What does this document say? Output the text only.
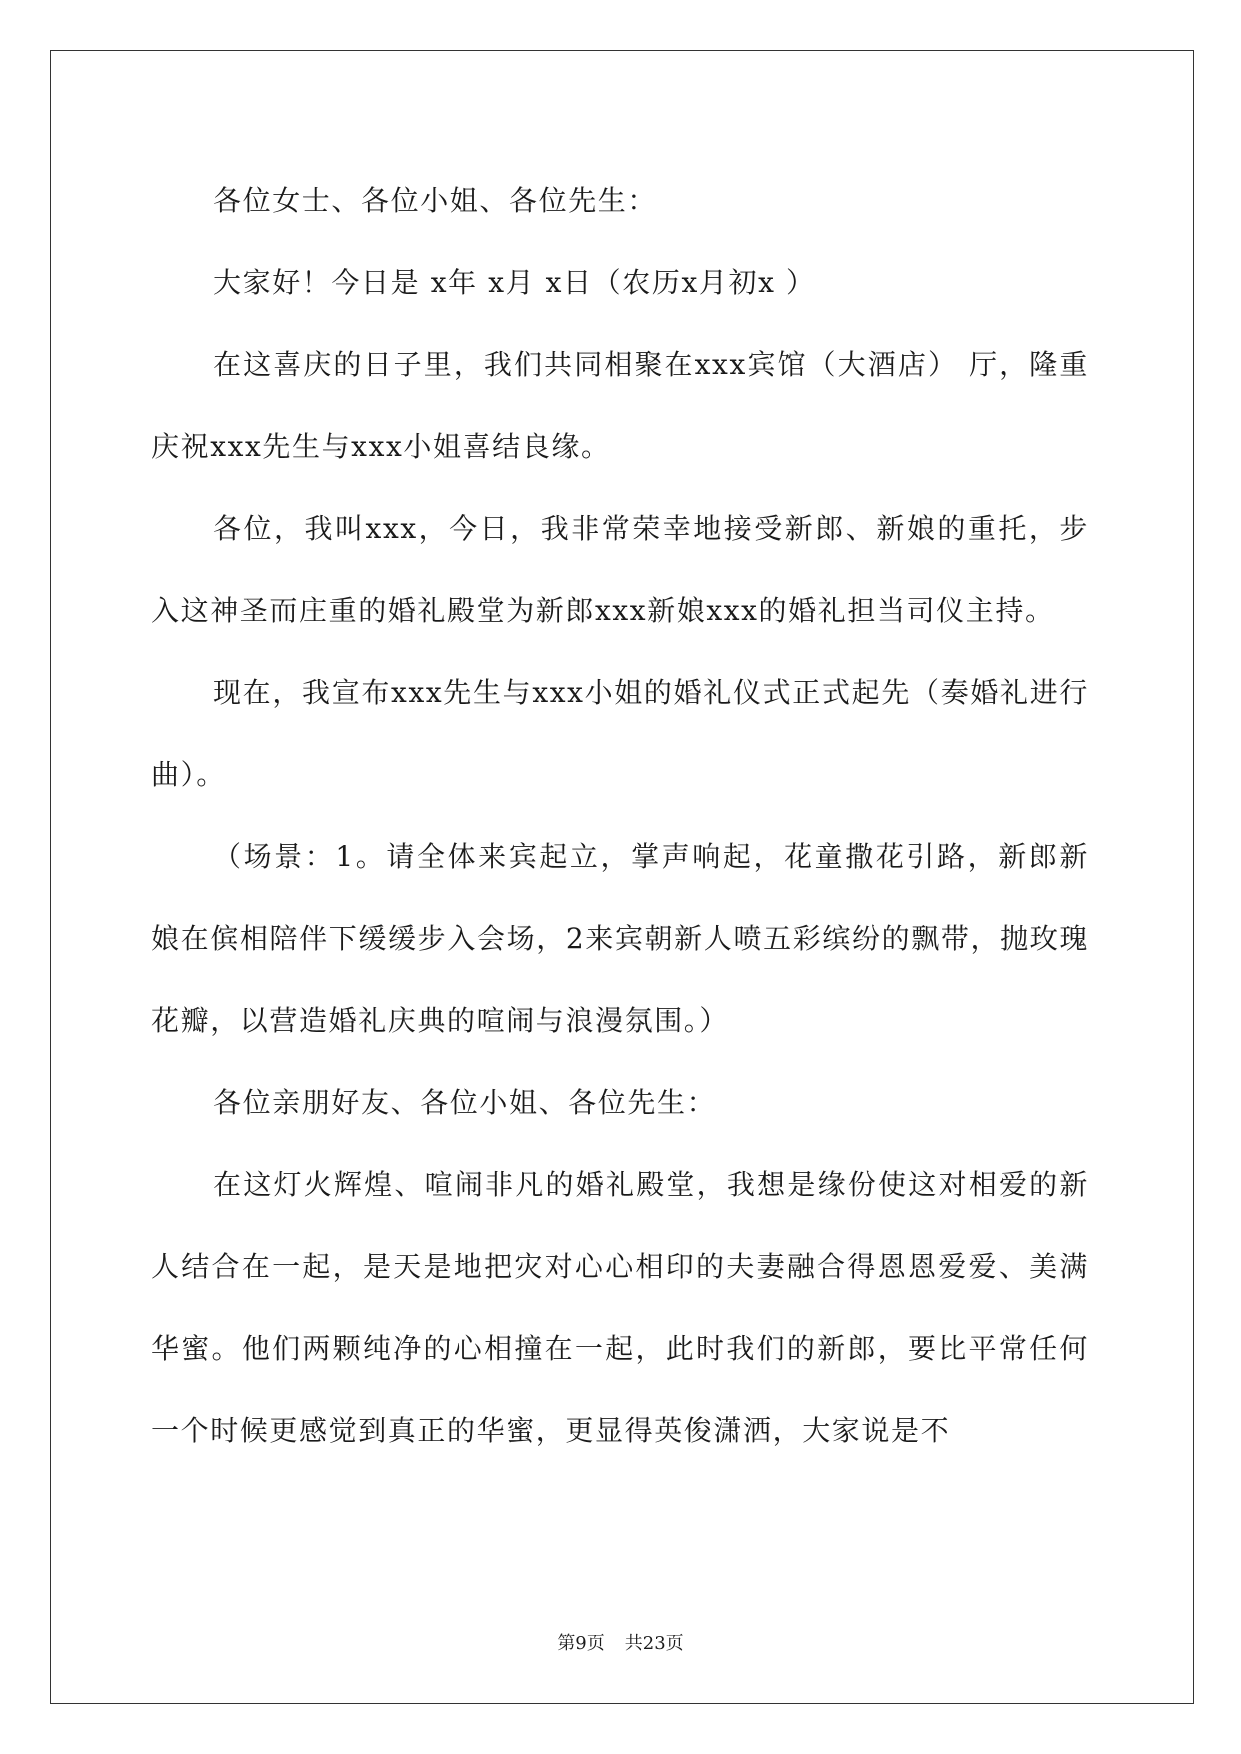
各位女士、各位小姐、各位先生：

大家好！今日是 x年 x月 x日（农历x月初x ）

在这喜庆的日子里，我们共同相聚在xxx宾馆（大酒店） 厅，隆重庆祝xxx先生与xxx小姐喜结良缘。

各位，我叫xxx，今日，我非常荣幸地接受新郎、新娘的重托，步入这神圣而庄重的婚礼殿堂为新郎xxx新娘xxx的婚礼担当司仪主持。

现在，我宣布xxx先生与xxx小姐的婚礼仪式正式起先（奏婚礼进行曲）。

（场景：1。请全体来宾起立，掌声响起，花童撒花引路，新郎新娘在傧相陪伴下缓缓步入会场，2来宾朝新人喷五彩缤纷的飘带，抛玫瑰花瓣，以营造婚礼庆典的喧闹与浪漫氛围。）

各位亲朋好友、各位小姐、各位先生：

在这灯火辉煌、喧闹非凡的婚礼殿堂，我想是缘份使这对相爱的新人结合在一起，是天是地把灾对心心相印的夫妻融合得恩恩爱爱、美满华蜜。他们两颗纯净的心相撞在一起，此时我们的新郎，要比平常任何一个时候更感觉到真正的华蜜，更显得英俊潇洒，大家说是不

第9页 共23页
